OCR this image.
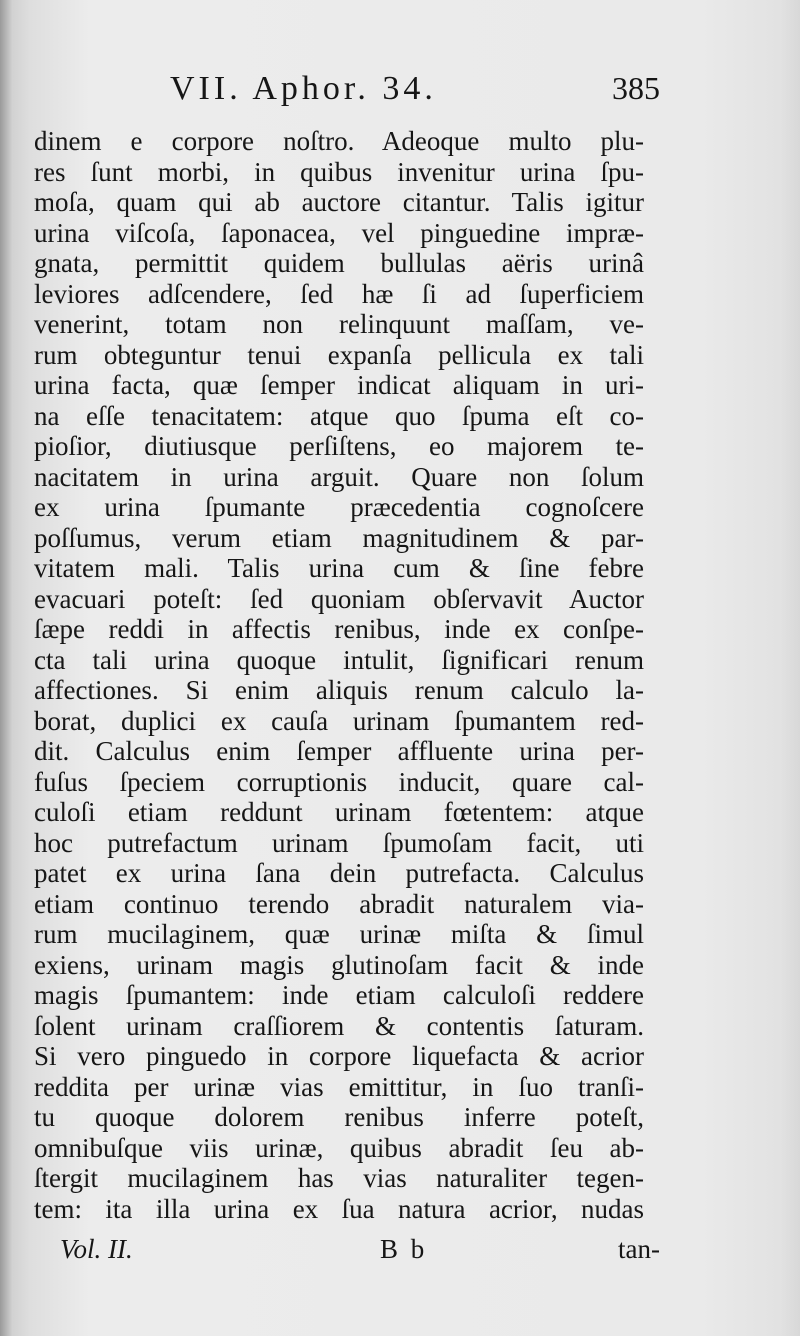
VII. Aphor. 34.	385
dinem e corpore noſtro. Adeoque multo plu-
res ſunt morbi, in quibus invenitur urina ſpu-
moſa, quam qui ab auctore citantur. Talis igitur
urina viſcoſa, ſaponacea, vel pinguedine impræ-
gnata, permittit quidem bullulas aëris urinâ
leviores adſcendere, ſed hæ ſi ad ſuperficiem
venerint, totam non relinquunt maſſam, ve-
rum obteguntur tenui expanſa pellicula ex tali
urina facta, quæ ſemper indicat aliquam in uri-
na eſſe tenacitatem: atque quo ſpuma eſt co-
pioſior, diutiusque perſiſtens, eo majorem te-
nacitatem in urina arguit. Quare non ſolum
ex urina ſpumante præcedentia cognoſcere
poſſumus, verum etiam magnitudinem & par-
vitatem mali. Talis urina cum & ſine febre
evacuari poteſt: ſed quoniam obſervavit Auctor
ſæpe reddi in affectis renibus, inde ex conſpe-
cta tali urina quoque intulit, ſignificari renum
affectiones. Si enim aliquis renum calculo la-
borat, duplici ex cauſa urinam ſpumantem red-
dit. Calculus enim ſemper affluente urina per-
fuſus ſpeciem corruptionis inducit, quare cal-
culoſi etiam reddunt urinam fœtentem: atque
hoc putrefactum urinam ſpumoſam facit, uti
patet ex urina ſana dein putrefacta. Calculus
etiam continuo terendo abradit naturalem via-
rum mucilaginem, quæ urinæ miſta & ſimul
exiens, urinam magis glutinoſam facit & inde
magis ſpumantem: inde etiam calculoſi reddere
ſolent urinam craſſiorem & contentis ſaturam.
Si vero pinguedo in corpore liquefacta & acrior
reddita per urinæ vias emittitur, in ſuo tranſi-
tu quoque dolorem renibus inferre poteſt,
omnibuſque viis urinæ, quibus abradit ſeu ab-
ſtergit mucilaginem has vias naturaliter tegen-
tem: ita illa urina ex ſua natura acrior, nudas
Vol. II.	B b	tan-
